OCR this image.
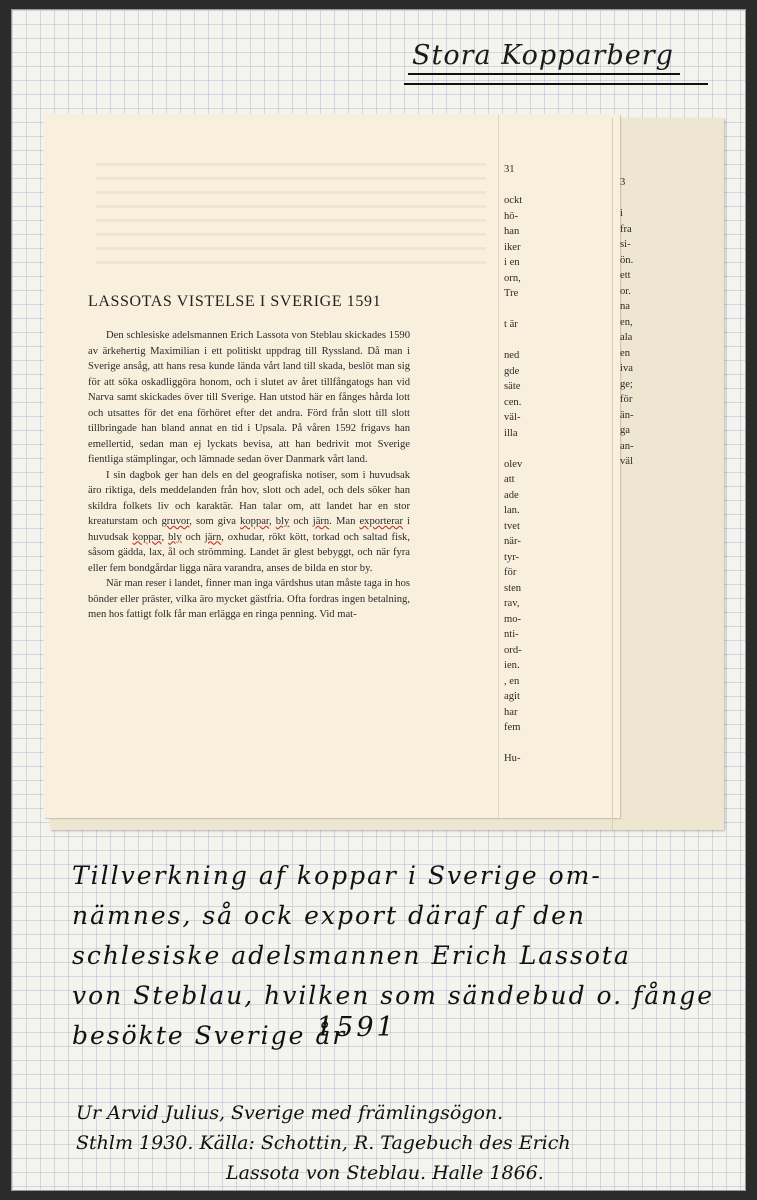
Stora Kopparberg
LASSOTAS VISTELSE I SVERIGE 1591

Den schlesiske adelsmannen Erich Lassota von Steblau skickades 1590 av ärkehertig Maximilian i ett politiskt uppdrag till Ryssland. Då man i Sverige ansåg, att hans resa kunde lända vårt land till skada, beslöt man sig för att söka oskadliggöra honom, och i slutet av året tillfångatogs han vid Narva samt skickades över till Sverige. Han utstod här en fånges hårda lott och utsattes för det ena förhöret efter det andra. Förd från slott till slott tillbringade han bland annat en tid i Upsala. På våren 1592 frigavs han emellertid, sedan man ej lyckats bevisa, att han bedrivit mot Sverige fientliga stämplingar, och lämnade sedan över Danmark vårt land.

I sin dagbok ger han dels en del geografiska notiser, som i huvudsak äro riktiga, dels meddelanden från hov, slott och adel, och dels söker han skildra folkets liv och karaktär. Han talar om, att landet har en stor kreaturstam och gruvor, som giva koppar, bly och järn. Man exporterar i huvudsak koppar, bly och järn, oxhudar, rökt kött, torkad och saltad fisk, såsom gädda, lax, ål och strömming. Landet är glest bebyggt, och när fyra eller fem bondgårdar ligga nära varandra, anses de bilda en stor by.

När man reser i landet, finner man inga värdshus utan måste taga in hos bönder eller präster, vilka äro mycket gästfria. Ofta fordras ingen betalning, men hos fattigt folk får man erlägga en ringa penning. Vid mat-

31
ockt
hö-
han
iker
i en
orn,
Tre
t är
ned
gde
säte
cen.
väl-
illa
olev
att
ade
lan.
tvet
när-
tyr-
för
sten
rav,
mo-
nti-
ord-
ien.
, en
agit
har
fem
Hu-
3
i
fra
si-
ön.
ett
or.
na
en,
ala
en
iva
ge;
för
än-
ga
an-
väl
Tillverkning af koppar i Sverige om-
nämnes, så ock export däraf af den
schlesiske adelsmannen Erich Lassota
von Steblau, hvilken som sändebud o. fånge
besökte Sverige år
1591
Ur Arvid Julius, Sverige med främlingsögon.
Sthlm 1930. Källa: Schottin, R. Tagebuch des Erich
Lassota von Steblau. Halle 1866.
